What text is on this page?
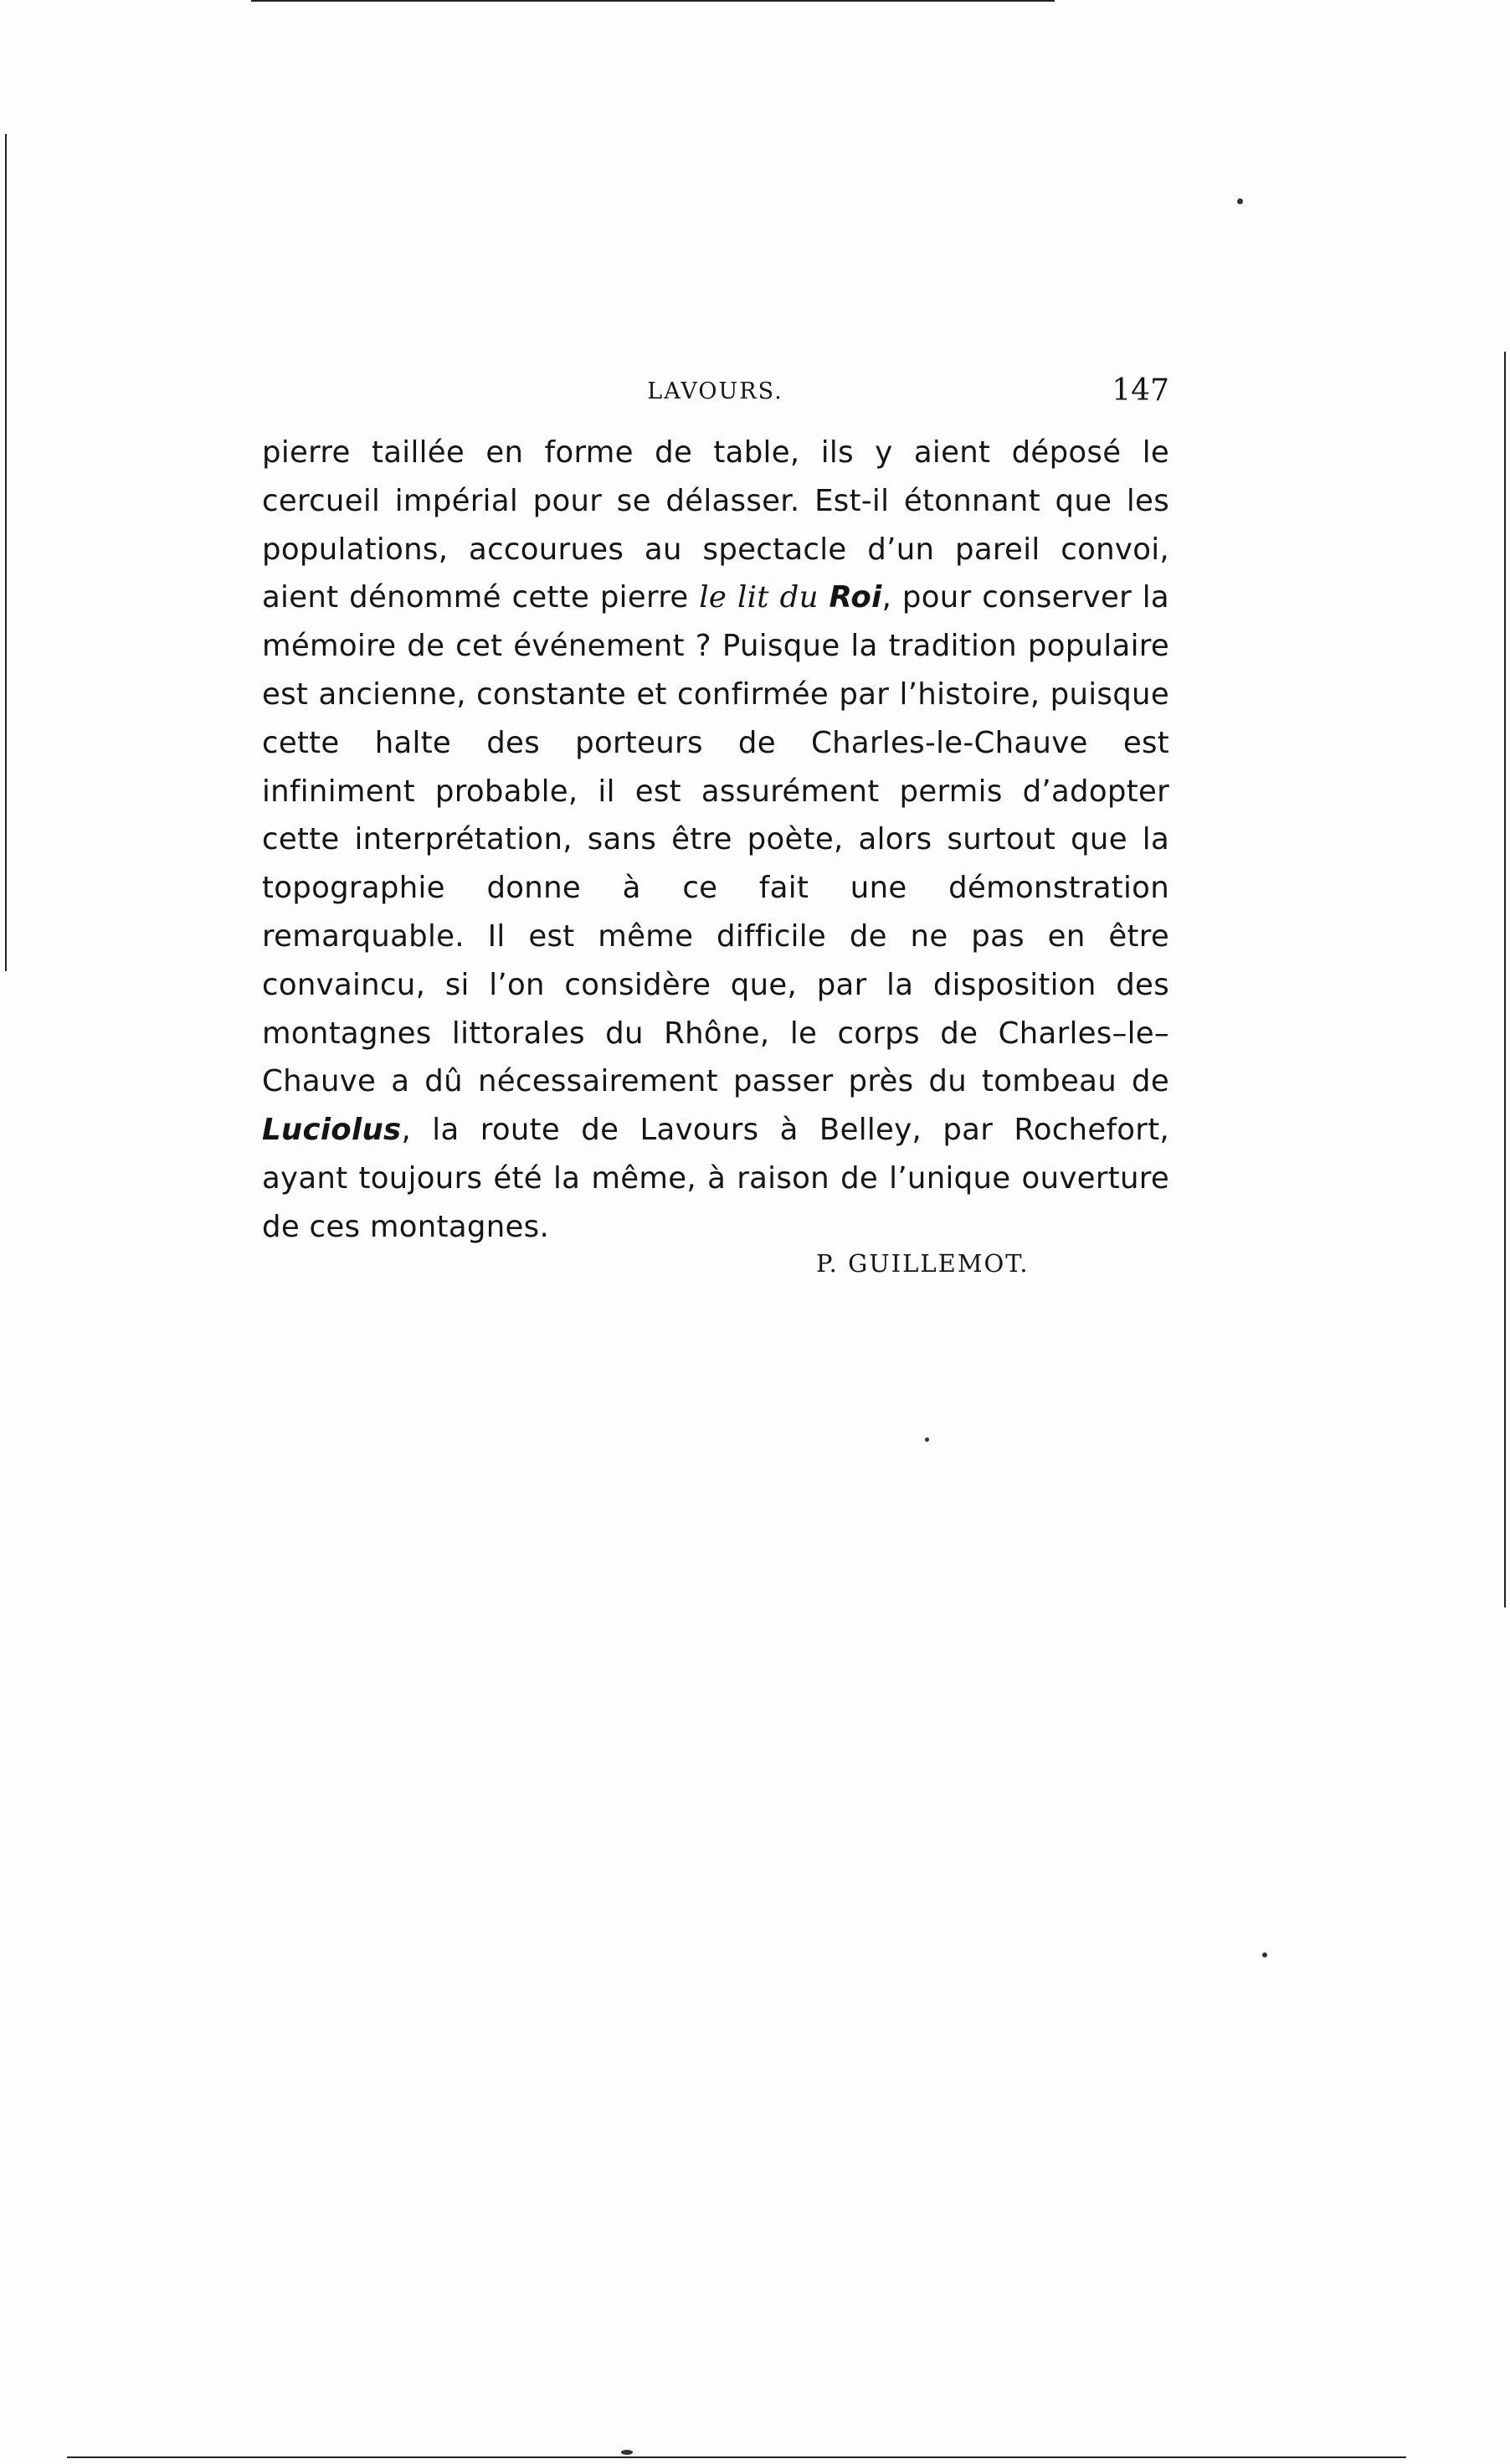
LAVOURS.	147

pierre taillée en forme de table, ils y aient déposé le cercueil impérial pour se délasser. Est-il étonnant que les populations, accourues au spectacle d’un pareil convoi, aient dénommé cette pierre le lit du Roi, pour conserver la mémoire de cet événement ? Puisque la tradition populaire est ancienne, constante et confirmée par l’histoire, puisque cette halte des porteurs de Charles-le-Chauve est infiniment probable, il est assurément permis d’adopter cette interprétation, sans être poète, alors surtout que la topographie donne à ce fait une démonstration remarquable. Il est même difficile de ne pas en être convaincu, si l’on considère que, par la disposition des montagnes littorales du Rhône, le corps de Charles–le–Chauve a dû nécessairement passer près du tombeau de Luciolus, la route de Lavours à Belley, par Rochefort, ayant toujours été la même, à raison de l’unique ouverture de ces montagnes.

P. GUILLEMOT.
